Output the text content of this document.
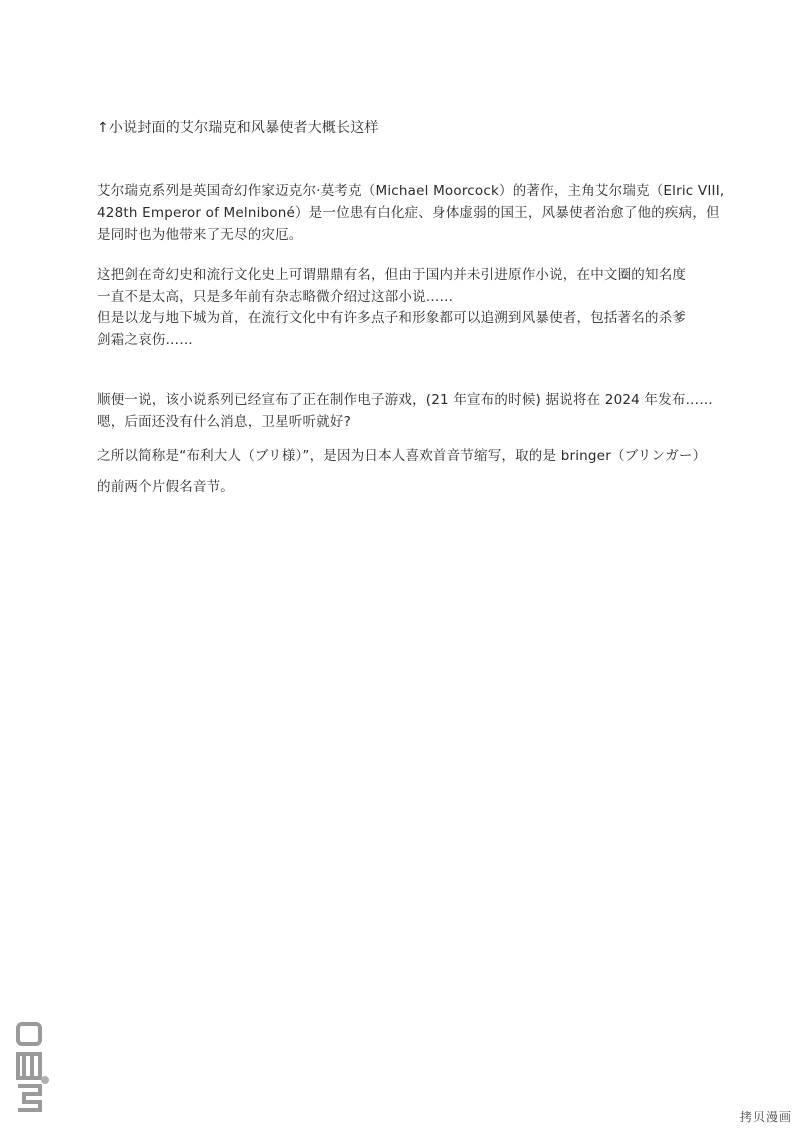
↑小说封面的艾尔瑞克和风暴使者大概长这样
艾尔瑞克系列是英国奇幻作家迈克尔·莫考克（Michael Moorcock）的著作，主角艾尔瑞克（Elric VIII,
428th Emperor of Melniboné）是一位患有白化症、身体虚弱的国王，风暴使者治愈了他的疾病，但
是同时也为他带来了无尽的灾厄。
这把剑在奇幻史和流行文化史上可谓鼎鼎有名，但由于国内并未引进原作小说，在中文圈的知名度
一直不是太高，只是多年前有杂志略微介绍过这部小说……
但是以龙与地下城为首，在流行文化中有许多点子和形象都可以追溯到风暴使者，包括著名的杀爹
剑霜之哀伤……
顺便一说，该小说系列已经宣布了正在制作电子游戏，(21 年宣布的时候) 据说将在 2024 年发布……
嗯，后面还没有什么消息，卫星听听就好?
之所以简称是“布利大人（ブリ様）”，是因为日本人喜欢首音节缩写，取的是 bringer（ブリンガー）
的前两个片假名音节。
拷贝漫画
